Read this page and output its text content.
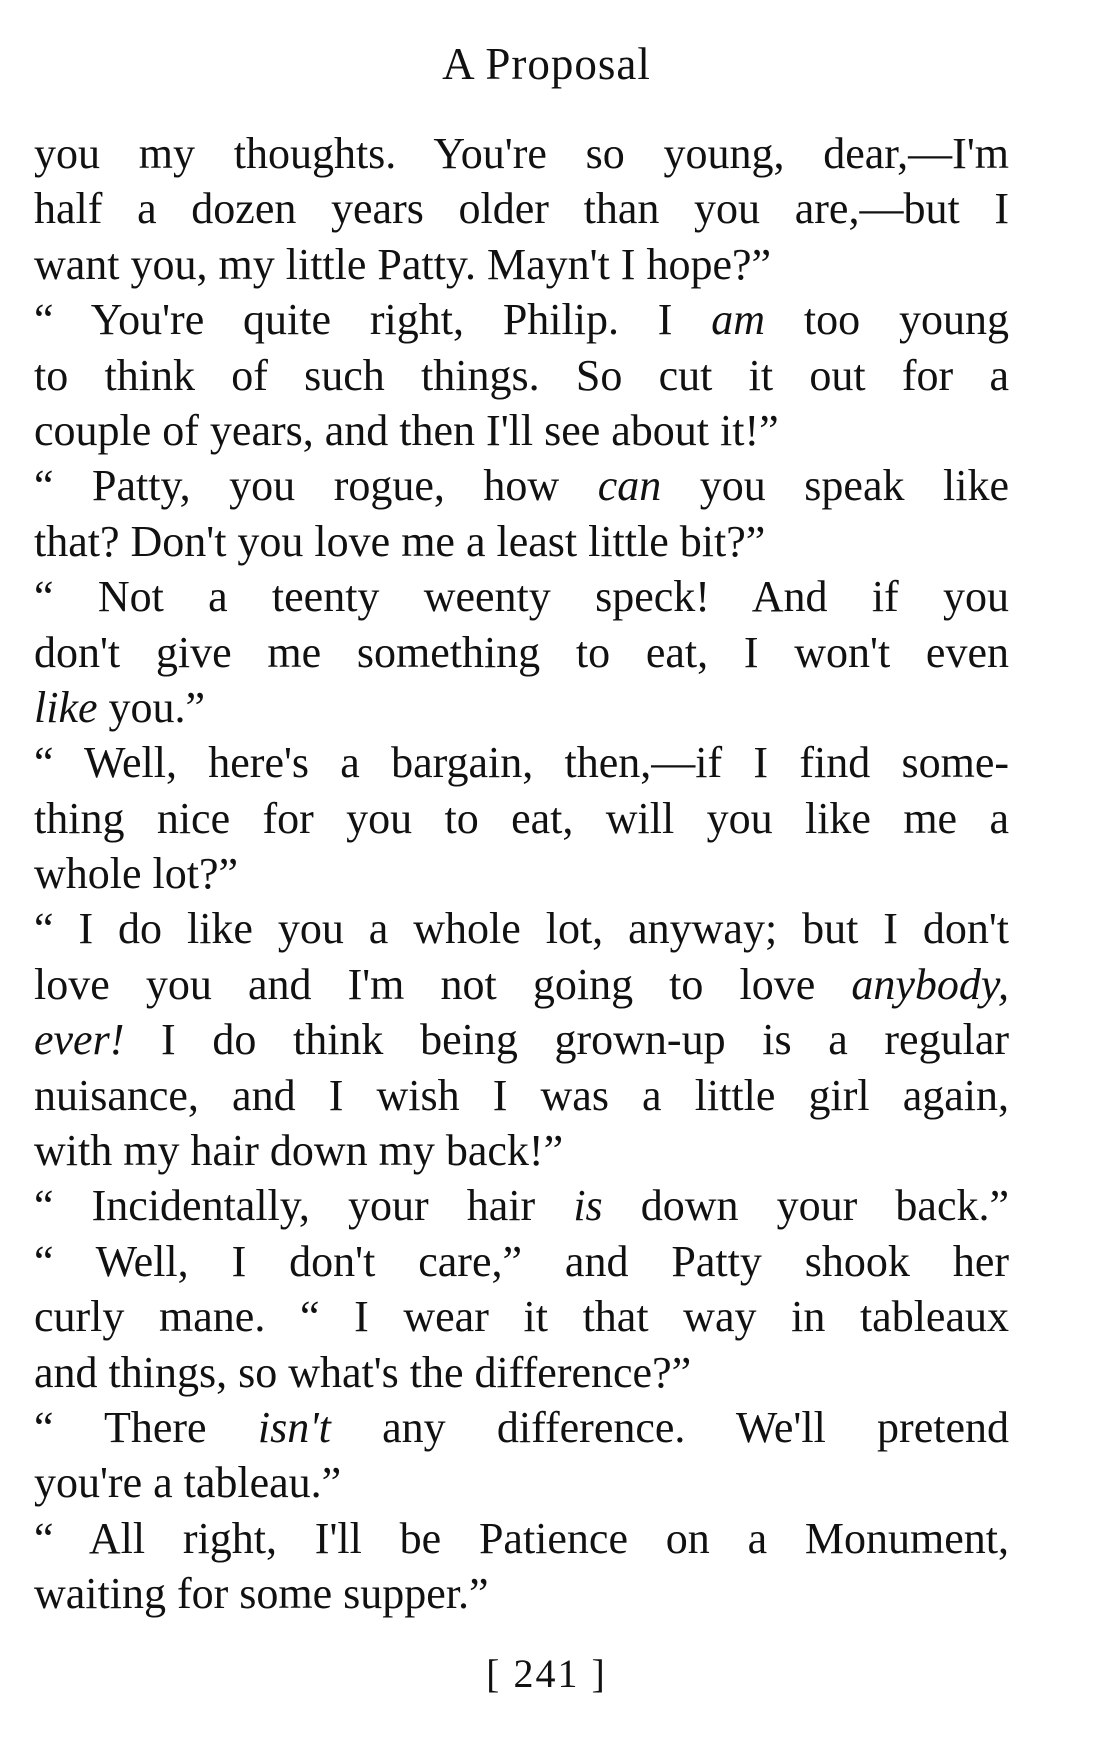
A Proposal
you my thoughts. You're so young, dear,—I'm
half a dozen years older than you are,—but I
want you, my little Patty. Mayn't I hope?”
“ You're quite right, Philip. I am too young
to think of such things. So cut it out for a
couple of years, and then I'll see about it!”
“ Patty, you rogue, how can you speak like
that? Don't you love me a least little bit?”
“ Not a teenty weenty speck! And if you
don't give me something to eat, I won't even
like you.”
“ Well, here's a bargain, then,—if I find some-
thing nice for you to eat, will you like me a
whole lot?”
“ I do like you a whole lot, anyway; but I don't
love you and I'm not going to love anybody,
ever! I do think being grown-up is a regular
nuisance, and I wish I was a little girl again,
with my hair down my back!”
“ Incidentally, your hair is down your back.”
“ Well, I don't care,” and Patty shook her
curly mane. “ I wear it that way in tableaux
and things, so what's the difference?”
“ There isn't any difference. We'll pretend
you're a tableau.”
“ All right, I'll be Patience on a Monument,
waiting for some supper.”
[ 241 ]
